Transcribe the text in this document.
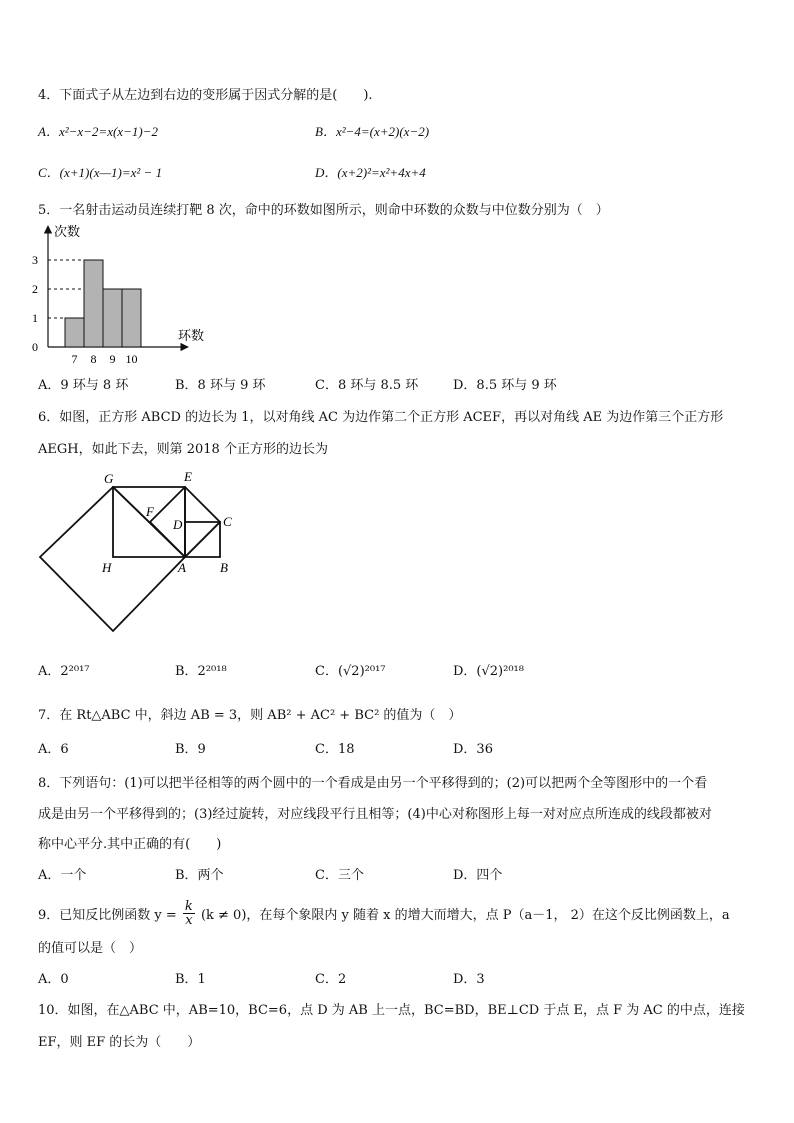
4．下面式子从左边到右边的变形属于因式分解的是(　　).
A．x²−x−2=x(x−1)−2	B．x²−4=(x+2)(x−2)
C．(x+1)(x—1)=x² − 1	D．(x+2)²=x²+4x+4
5．一名射击运动员连续打靶 8 次，命中的环数如图所示，则命中环数的众数与中位数分别为（　）
次数
环数
0
1
2
3
7 8 9 10
A．9 环与 8 环	B．8 环与 9 环	C．8 环与 8.5 环	D．8.5 环与 9 环
6．如图，正方形 ABCD 的边长为 1，以对角线 AC 为边作第二个正方形 ACEF，再以对角线 AE 为边作第三个正方形
AEGH，如此下去，则第 2018 个正方形的边长为
G	E
F
D	C
H	A	B
A．2²⁰¹⁷	B．2²⁰¹⁸	C．(√2)²⁰¹⁷	D．(√2)²⁰¹⁸
7．在 Rt△ABC 中，斜边 AB = 3，则 AB² + AC² + BC² 的值为（　）
A．6	B．9	C．18	D．36
8．下列语句：(1)可以把半径相等的两个圆中的一个看成是由另一个平移得到的；(2)可以把两个全等图形中的一个看
成是由另一个平移得到的；(3)经过旋转，对应线段平行且相等；(4)中心对称图形上每一对对应点所连成的线段都被对
称中心平分.其中正确的有(　　)
A．一个	B．两个	C．三个	D．四个
9．已知反比例函数 $y = \frac{k}{x} (k \ne 0)$，在每个象限内 y 随着 x 的增大而增大，点 P（a－1， 2）在这个反比例函数上，a
的值可以是（　）
A．0	B．1	C．2	D．3
10．如图，在△ABC 中，AB=10，BC=6，点 D 为 AB 上一点，BC=BD，BE⊥CD 于点 E，点 F 为 AC 的中点，连接
EF，则 EF 的长为（　　）
